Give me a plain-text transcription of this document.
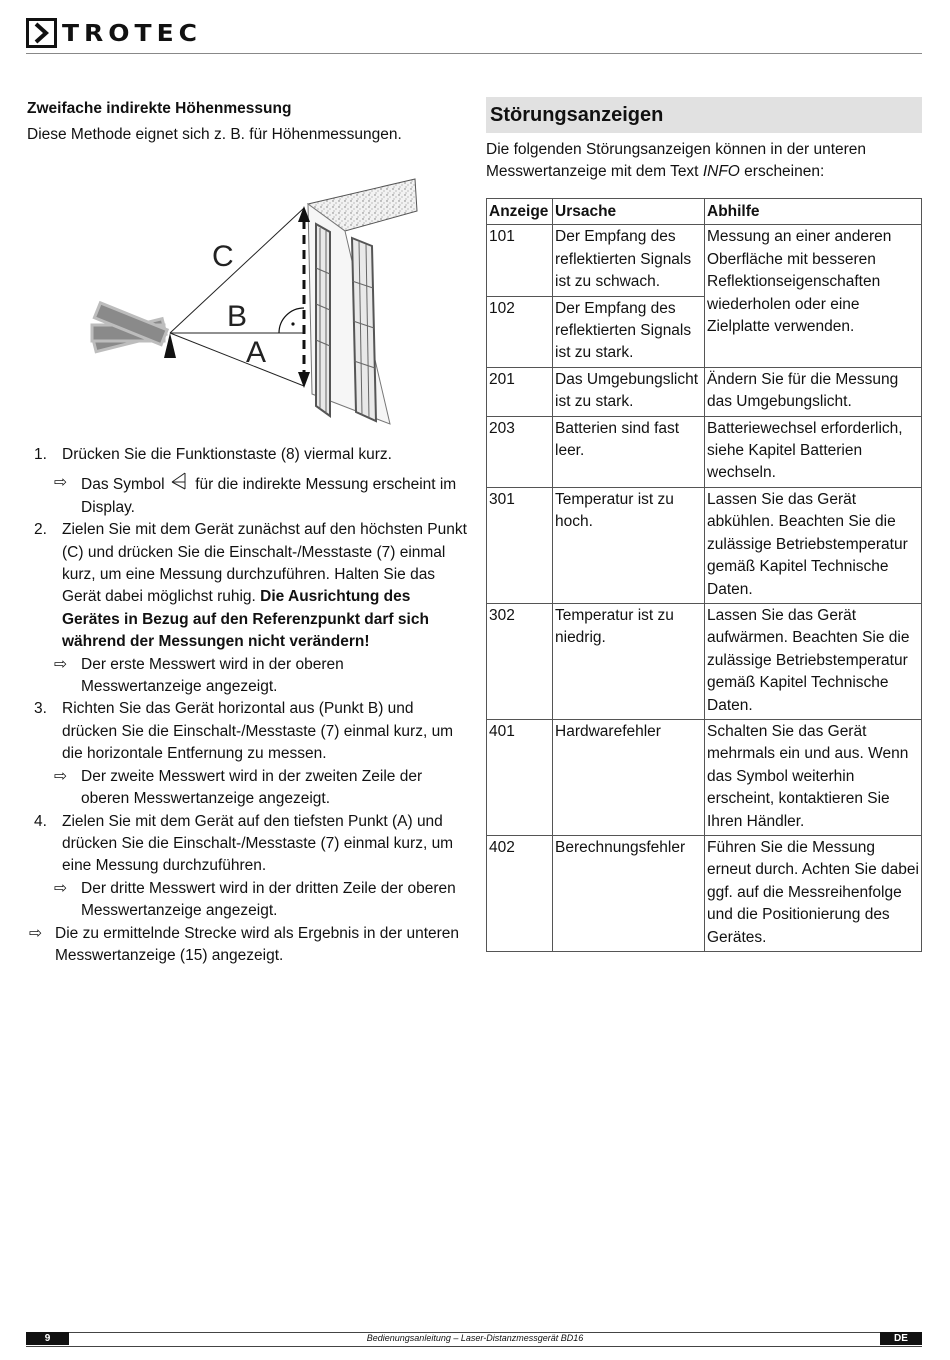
TROTEC
Zweifache indirekte Höhenmessung

Diese Methode eignet sich z. B. für Höhenmessungen.

C
B
A
1. Drücken Sie die Funktionstaste (8) viermal kurz.
⇨ Das Symbol für die indirekte Messung erscheint im Display.
2. Zielen Sie mit dem Gerät zunächst auf den höchsten Punkt (C) und drücken Sie die Einschalt-/Messtaste (7) einmal kurz, um eine Messung durchzuführen. Halten Sie das Gerät dabei möglichst ruhig. Die Ausrichtung des Gerätes in Bezug auf den Referenzpunkt darf sich während der Messungen nicht verändern!
⇨ Der erste Messwert wird in der oberen Messwertanzeige angezeigt.
3. Richten Sie das Gerät horizontal aus (Punkt B) und drücken Sie die Einschalt-/Messtaste (7) einmal kurz, um die horizontale Entfernung zu messen.
⇨ Der zweite Messwert wird in der zweiten Zeile der oberen Messwertanzeige angezeigt.
4. Zielen Sie mit dem Gerät auf den tiefsten Punkt (A) und drücken Sie die Einschalt-/Messtaste (7) einmal kurz, um eine Messung durchzuführen.
⇨ Der dritte Messwert wird in der dritten Zeile der oberen Messwertanzeige angezeigt.
⇨ Die zu ermittelnde Strecke wird als Ergebnis in der unteren Messwertanzeige (15) angezeigt.
Störungsanzeigen

Die folgenden Störungsanzeigen können in der unteren Messwertanzeige mit dem Text INFO erscheinen:

Anzeige	Ursache	Abhilfe
101	Der Empfang des reflektierten Signals ist zu schwach.	Messung an einer anderen Oberfläche mit besseren Reflektionseigenschaften wiederholen oder eine Zielplatte verwenden.
102	Der Empfang des reflektierten Signals ist zu stark.	
201	Das Umgebungslicht ist zu stark.	Ändern Sie für die Messung das Umgebungslicht.
203	Batterien sind fast leer.	Batteriewechsel erforderlich, siehe Kapitel Batterien wechseln.
301	Temperatur ist zu hoch.	Lassen Sie das Gerät abkühlen. Beachten Sie die zulässige Betriebstemperatur gemäß Kapitel Technische Daten.
302	Temperatur ist zu niedrig.	Lassen Sie das Gerät aufwärmen. Beachten Sie die zulässige Betriebstemperatur gemäß Kapitel Technische Daten.
401	Hardwarefehler	Schalten Sie das Gerät mehrmals ein und aus. Wenn das Symbol weiterhin erscheint, kontaktieren Sie Ihren Händler.
402	Berechnungsfehler	Führen Sie die Messung erneut durch. Achten Sie dabei ggf. auf die Messreihenfolge und die Positionierung des Gerätes.
9	Bedienungsanleitung – Laser-Distanzmessgerät BD16	DE
